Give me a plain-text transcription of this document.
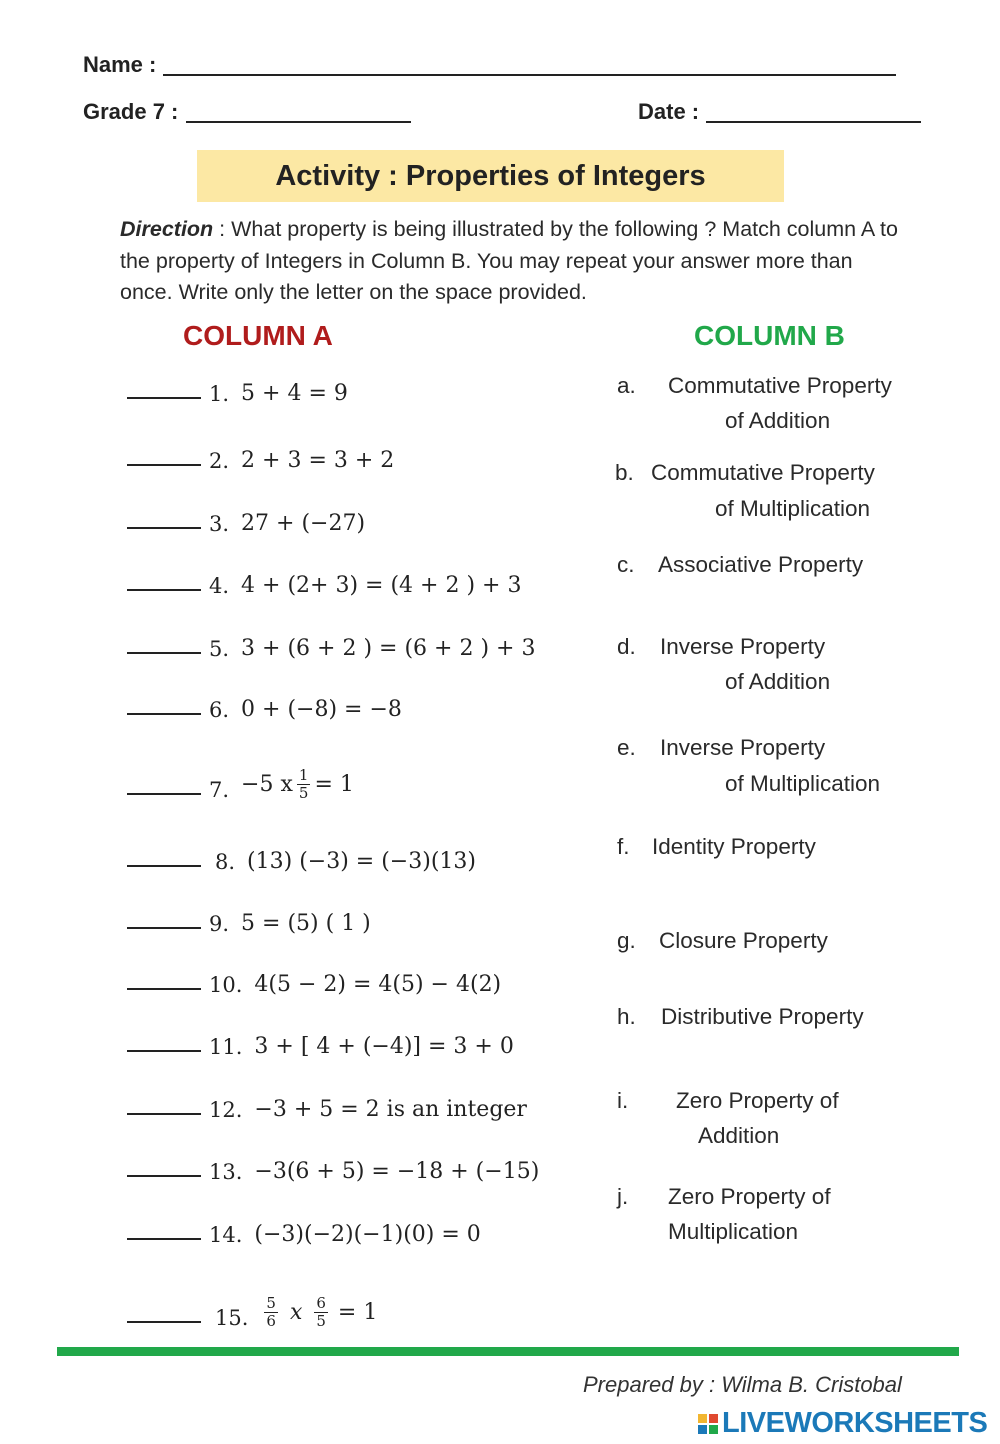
Name :
Grade 7 :	Date :
Activity : Properties of Integers
Direction : What property is being illustrated by the following ? Match column A to the property of Integers in Column B. You may repeat your answer more than once. Write only the letter on the space provided.
COLUMN A	COLUMN B
1. 5 + 4 = 9
2. 2 + 3 = 3 + 2
3. 27 + (−27)
4. 4 + (2+ 3) = (4 + 2 ) + 3
5. 3 + (6 + 2 ) = (6 + 2 ) + 3
6. 0 + (−8) = −8
7. −5 x $\frac{1}{5} = 1$
8. (13) (−3) = (−3)(13)
9. 5 = (5) ( 1 )
10. 4(5 − 2) = 4(5) − 4(2)
11. 3 + [ 4 + (−4)] = 3 + 0
12. −3 + 5 = 2 is an integer
13. −3(6 + 5) = −18 + (−15)
14. (−3)(−2)(−1)(0) = 0
15. $\frac{5}{6}$ x $\frac{6}{5} = 1$
a. Commutative Property
of Addition
b. Commutative Property
of Multiplication
c. Associative Property
d. Inverse Property
of Addition
e. Inverse Property
of Multiplication
f. Identity Property
g. Closure Property
h. Distributive Property
i. Zero Property of
Addition
j. Zero Property of
Multiplication
Prepared by : Wilma B. Cristobal
LIVEWORKSHEETS
